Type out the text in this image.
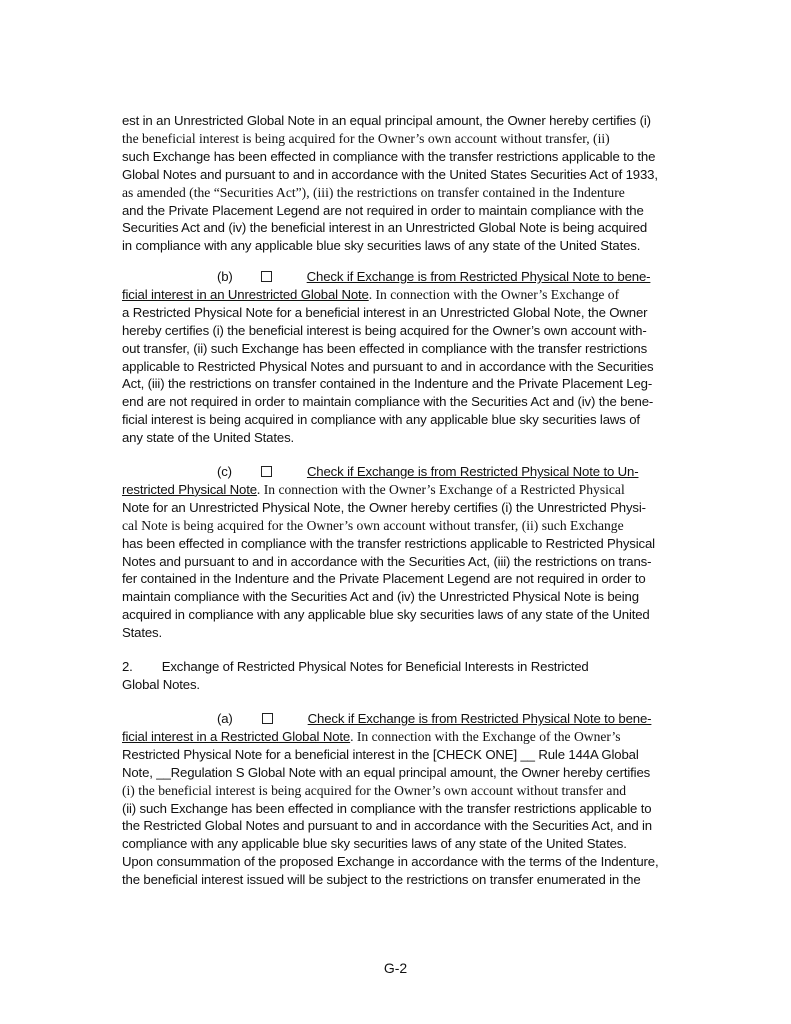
est in an Unrestricted Global Note in an equal principal amount, the Owner hereby certifies (i)
the beneficial interest is being acquired for the Owner’s own account without transfer, (ii)
such Exchange has been effected in compliance with the transfer restrictions applicable to the
Global Notes and pursuant to and in accordance with the United States Securities Act of 1933,
as amended (the “Securities Act”), (iii) the restrictions on transfer contained in the Indenture
and the Private Placement Legend are not required in order to maintain compliance with the
Securities Act and (iv) the beneficial interest in an Unrestricted Global Note is being acquired
in compliance with any applicable blue sky securities laws of any state of the United States.
(b)	Check if Exchange is from Restricted Physical Note to bene-
ficial interest in an Unrestricted Global Note. In connection with the Owner’s Exchange of
a Restricted Physical Note for a beneficial interest in an Unrestricted Global Note, the Owner
hereby certifies (i) the beneficial interest is being acquired for the Owner’s own account with-
out transfer, (ii) such Exchange has been effected in compliance with the transfer restrictions
applicable to Restricted Physical Notes and pursuant to and in accordance with the Securities
Act, (iii) the restrictions on transfer contained in the Indenture and the Private Placement Leg-
end are not required in order to maintain compliance with the Securities Act and (iv) the bene-
ficial interest is being acquired in compliance with any applicable blue sky securities laws of
any state of the United States.
(c)	Check if Exchange is from Restricted Physical Note to Un-
restricted Physical Note. In connection with the Owner’s Exchange of a Restricted Physical
Note for an Unrestricted Physical Note, the Owner hereby certifies (i) the Unrestricted Physi-
cal Note is being acquired for the Owner’s own account without transfer, (ii) such Exchange
has been effected in compliance with the transfer restrictions applicable to Restricted Physical
Notes and pursuant to and in accordance with the Securities Act, (iii) the restrictions on trans-
fer contained in the Indenture and the Private Placement Legend are not required in order to
maintain compliance with the Securities Act and (iv) the Unrestricted Physical Note is being
acquired in compliance with any applicable blue sky securities laws of any state of the United
States.
2. Exchange of Restricted Physical Notes for Beneficial Interests in Restricted
Global Notes.
(a)	Check if Exchange is from Restricted Physical Note to bene-
ficial interest in a Restricted Global Note. In connection with the Exchange of the Owner’s
Restricted Physical Note for a beneficial interest in the [CHECK ONE] __ Rule 144A Global
Note, __Regulation S Global Note with an equal principal amount, the Owner hereby certifies
(i) the beneficial interest is being acquired for the Owner’s own account without transfer and
(ii) such Exchange has been effected in compliance with the transfer restrictions applicable to
the Restricted Global Notes and pursuant to and in accordance with the Securities Act, and in
compliance with any applicable blue sky securities laws of any state of the United States.
Upon consummation of the proposed Exchange in accordance with the terms of the Indenture,
the beneficial interest issued will be subject to the restrictions on transfer enumerated in the
G-2
